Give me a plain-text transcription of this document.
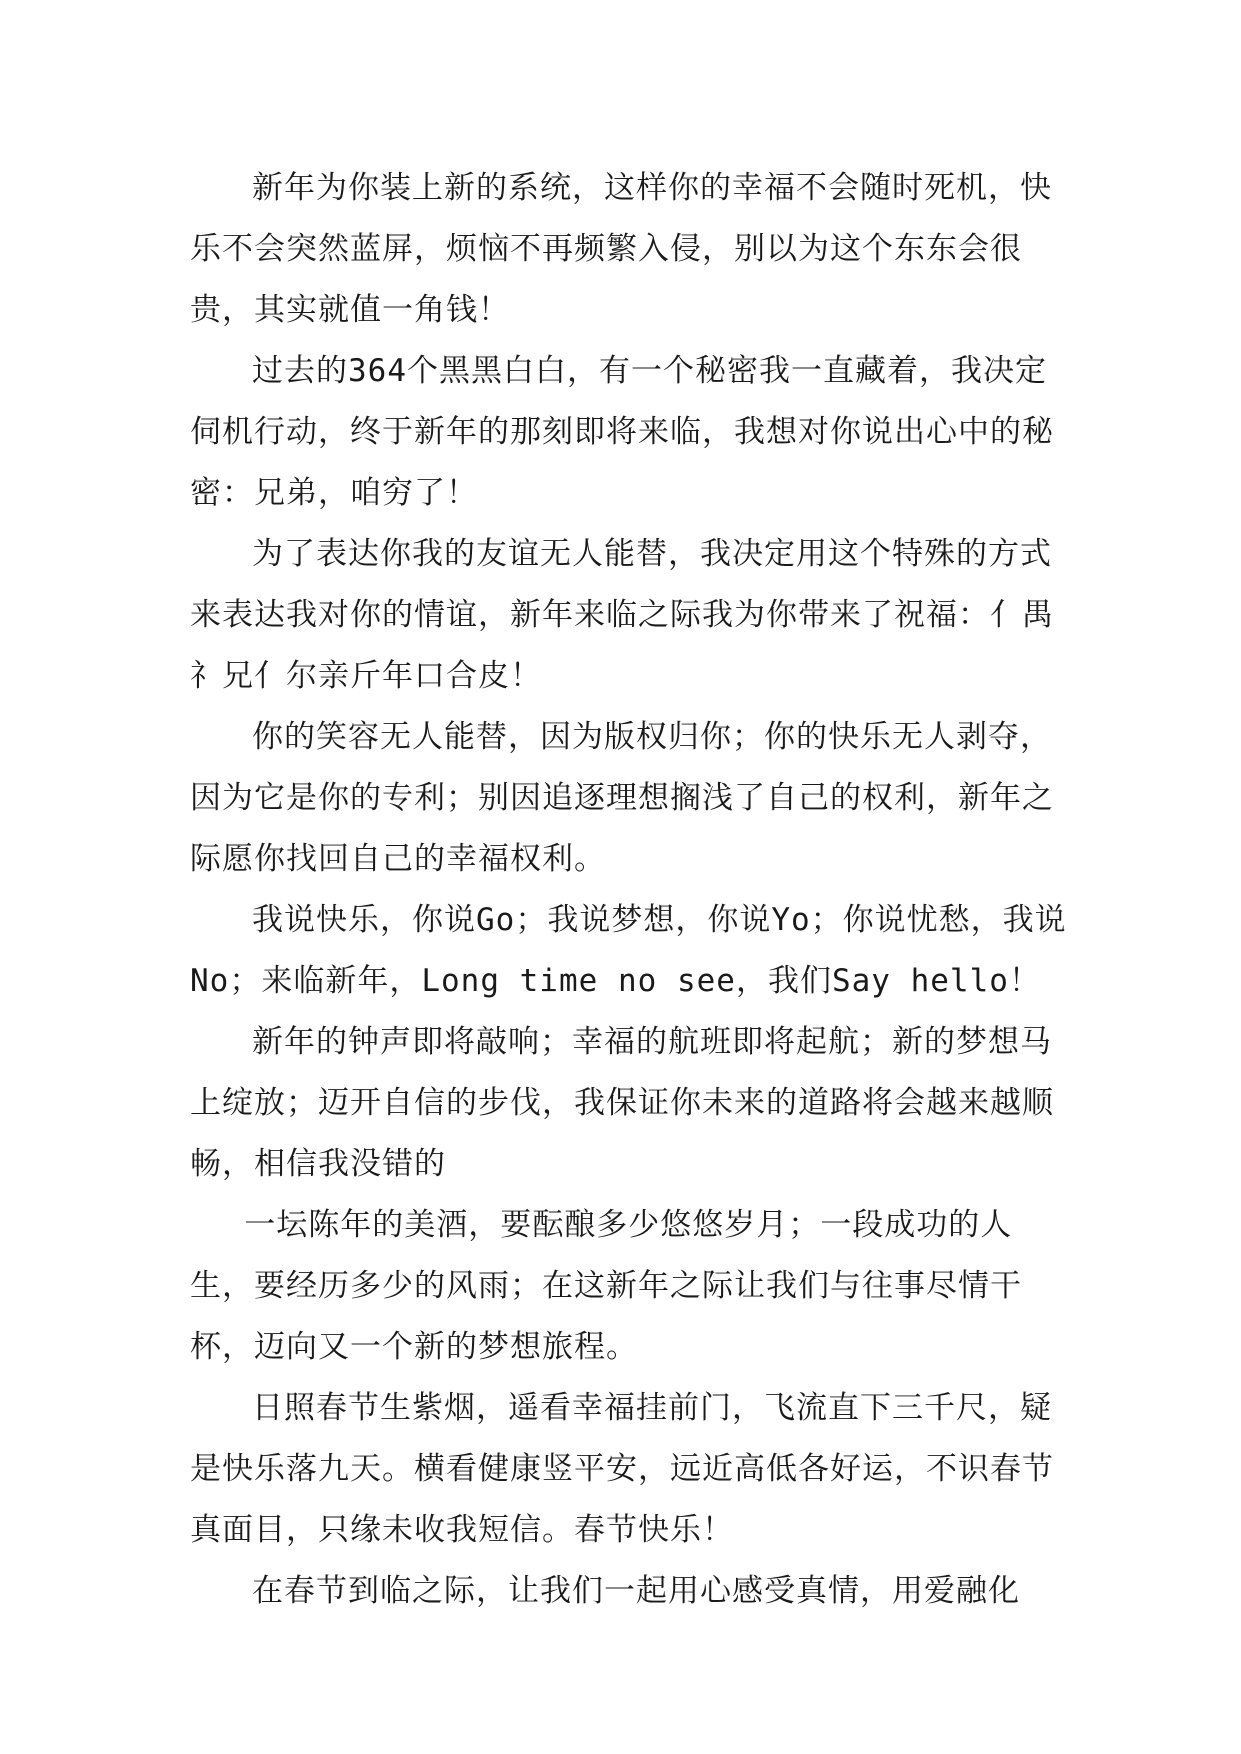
新年为你装上新的系统，这样你的幸福不会随时死机，快乐不会突然蓝屏，烦恼不再频繁入侵，别以为这个东东会很贵，其实就值一角钱！

过去的364个黑黑白白，有一个秘密我一直藏着，我决定伺机行动，终于新年的那刻即将来临，我想对你说出心中的秘密：兄弟，咱穷了！

为了表达你我的友谊无人能替，我决定用这个特殊的方式来表达我对你的情谊，新年来临之际我为你带来了祝福：亻禺礻兄亻尔亲斤年口合皮！

你的笑容无人能替，因为版权归你；你的快乐无人剥夺，因为它是你的专利；别因追逐理想搁浅了自己的权利，新年之际愿你找回自己的幸福权利。

我说快乐，你说Go；我说梦想，你说Yo；你说忧愁，我说No；来临新年，Long time no see，我们Say hello！

新年的钟声即将敲响；幸福的航班即将起航；新的梦想马上绽放；迈开自信的步伐，我保证你未来的道路将会越来越顺畅，相信我没错的

一坛陈年的美酒，要酝酿多少悠悠岁月；一段成功的人生，要经历多少的风雨；在这新年之际让我们与往事尽情干杯，迈向又一个新的梦想旅程。

日照春节生紫烟，遥看幸福挂前门，飞流直下三千尺，疑是快乐落九天。横看健康竖平安，远近高低各好运，不识春节真面目，只缘未收我短信。春节快乐！

在春节到临之际，让我们一起用心感受真情，用爱融化
